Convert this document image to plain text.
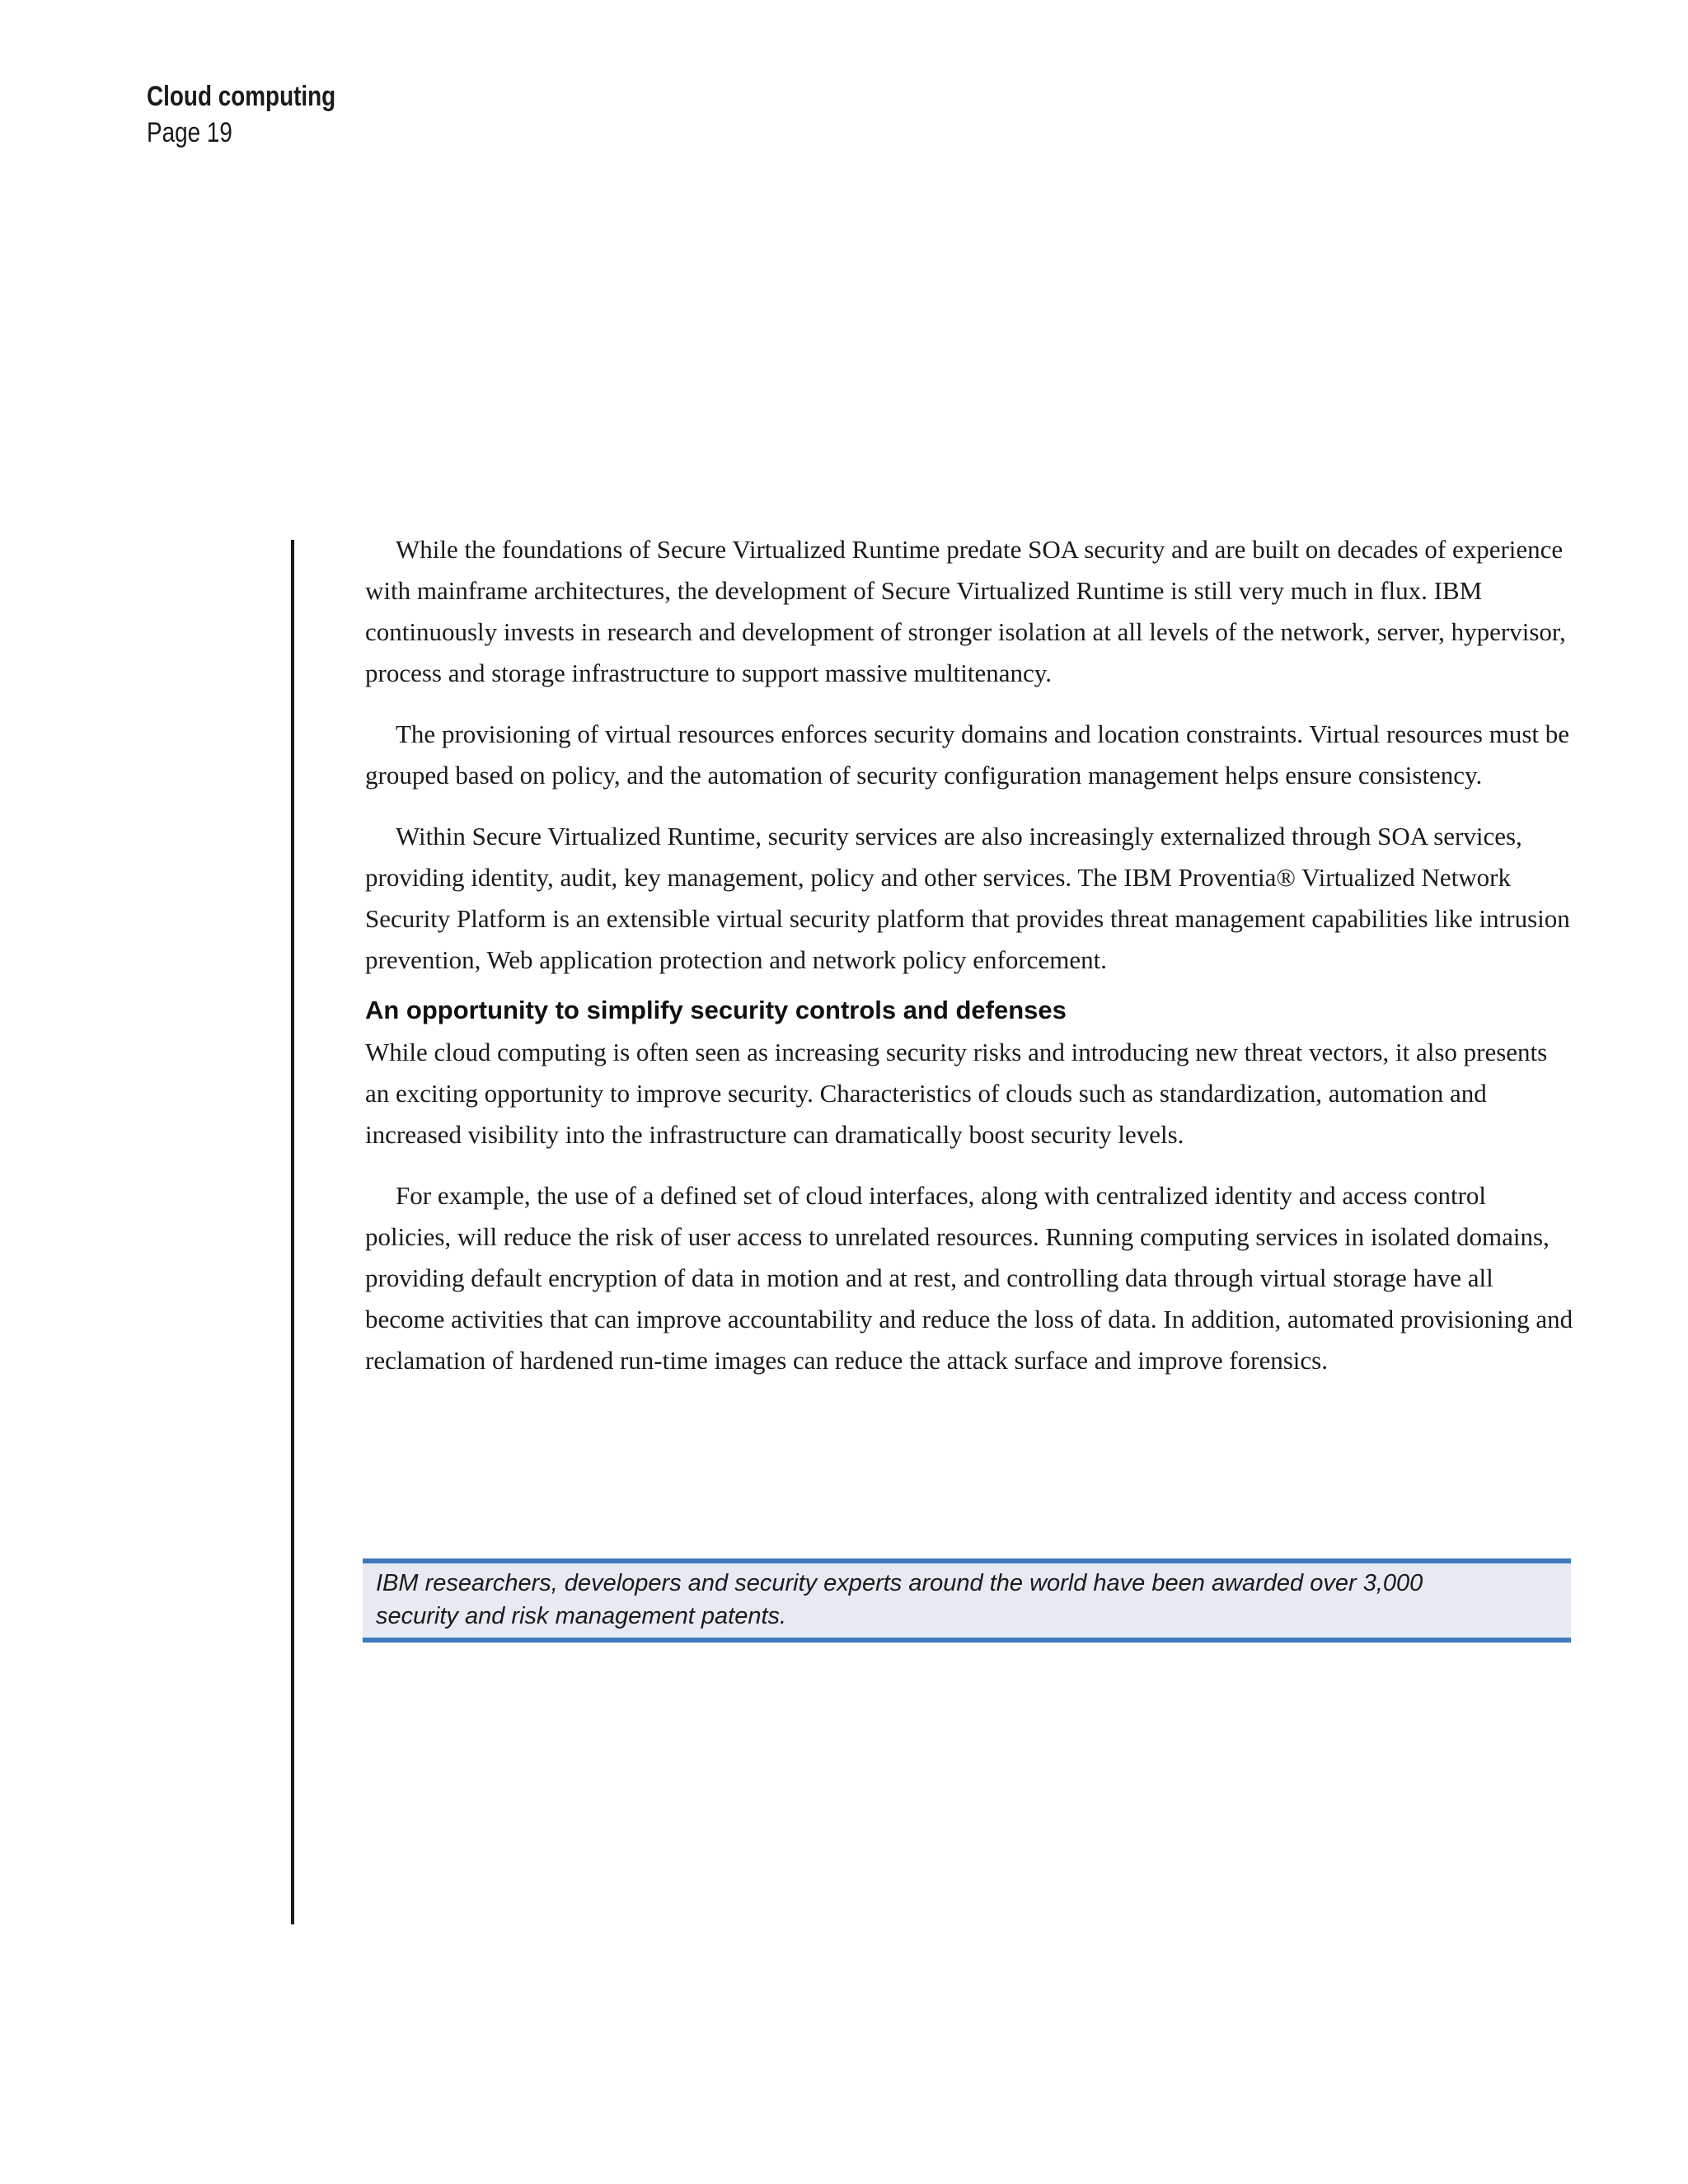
Cloud computing
Page 19

While the foundations of Secure Virtualized Runtime predate SOA security and are built on decades of experience with mainframe architectures, the development of Secure Virtualized Runtime is still very much in flux. IBM continuously invests in research and development of stronger isolation at all levels of the network, server, hypervisor, process and storage infrastructure to support massive multitenancy.

The provisioning of virtual resources enforces security domains and location constraints. Virtual resources must be grouped based on policy, and the automation of security configuration management helps ensure consistency.

Within Secure Virtualized Runtime, security services are also increasingly externalized through SOA services, providing identity, audit, key management, policy and other services. The IBM Proventia® Virtualized Network Security Platform is an extensible virtual security platform that provides threat management capabilities like intrusion prevention, Web application protection and network policy enforcement.

An opportunity to simplify security controls and defenses

While cloud computing is often seen as increasing security risks and introducing new threat vectors, it also presents an exciting opportunity to improve security. Characteristics of clouds such as standardization, automation and increased visibility into the infrastructure can dramatically boost security levels.

For example, the use of a defined set of cloud interfaces, along with centralized identity and access control policies, will reduce the risk of user access to unrelated resources. Running computing services in isolated domains, providing default encryption of data in motion and at rest, and controlling data through virtual storage have all become activities that can improve accountability and reduce the loss of data. In addition, automated provisioning and reclamation of hardened run-time images can reduce the attack surface and improve forensics.

IBM researchers, developers and security experts around the world have been awarded over 3,000 security and risk management patents.
